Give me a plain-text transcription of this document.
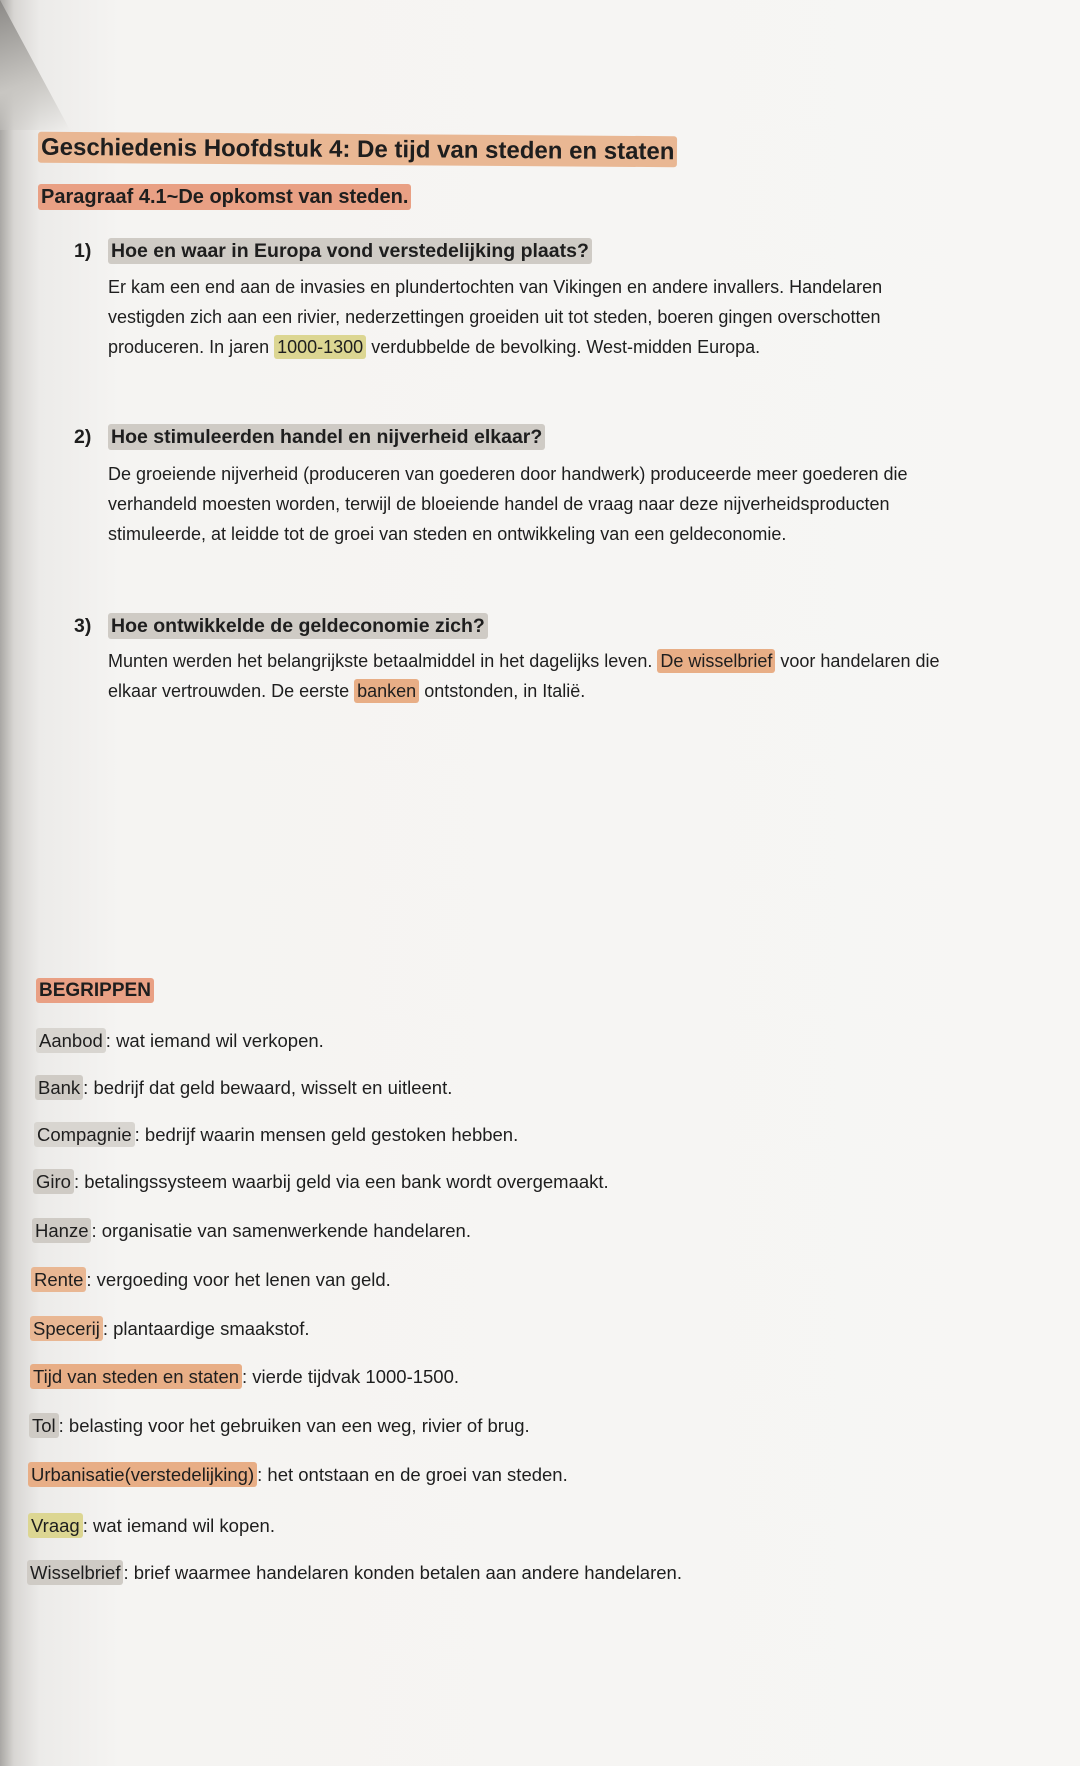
Geschiedenis Hoofdstuk 4: De tijd van steden en staten
Paragraaf 4.1~De opkomst van steden.
1) Hoe en waar in Europa vond verstedelijking plaats?
Er kam een end aan de invasies en plundertochten van Vikingen en andere invallers. Handelaren vestigden zich aan een rivier, nederzettingen groeiden uit tot steden, boeren gingen overschotten produceren. In jaren 1000-1300 verdubbelde de bevolking. West-midden Europa.
2) Hoe stimuleerden handel en nijverheid elkaar?
De groeiende nijverheid (produceren van goederen door handwerk) produceerde meer goederen die verhandeld moesten worden, terwijl de bloeiende handel de vraag naar deze nijverheidsproducten stimuleerde, at leidde tot de groei van steden en ontwikkeling van een geldeconomie.
3) Hoe ontwikkelde de geldeconomie zich?
Munten werden het belangrijkste betaalmiddel in het dagelijks leven. De wisselbrief voor handelaren die elkaar vertrouwden. De eerste banken ontstonden, in Italië.
BEGRIPPEN
Aanbod : wat iemand wil verkopen.
Bank : bedrijf dat geld bewaard, wisselt en uitleent.
Compagnie : bedrijf waarin mensen geld gestoken hebben.
Giro : betalingssysteem waarbij geld via een bank wordt overgemaakt.
Hanze : organisatie van samenwerkende handelaren.
Rente : vergoeding voor het lenen van geld.
Specerij : plantaardige smaakstof.
Tijd van steden en staten : vierde tijdvak 1000-1500.
Tol : belasting voor het gebruiken van een weg, rivier of brug.
Urbanisatie(verstedelijking) : het ontstaan en de groei van steden.
Vraag : wat iemand wil kopen.
Wisselbrief : brief waarmee handelaren konden betalen aan andere handelaren.
